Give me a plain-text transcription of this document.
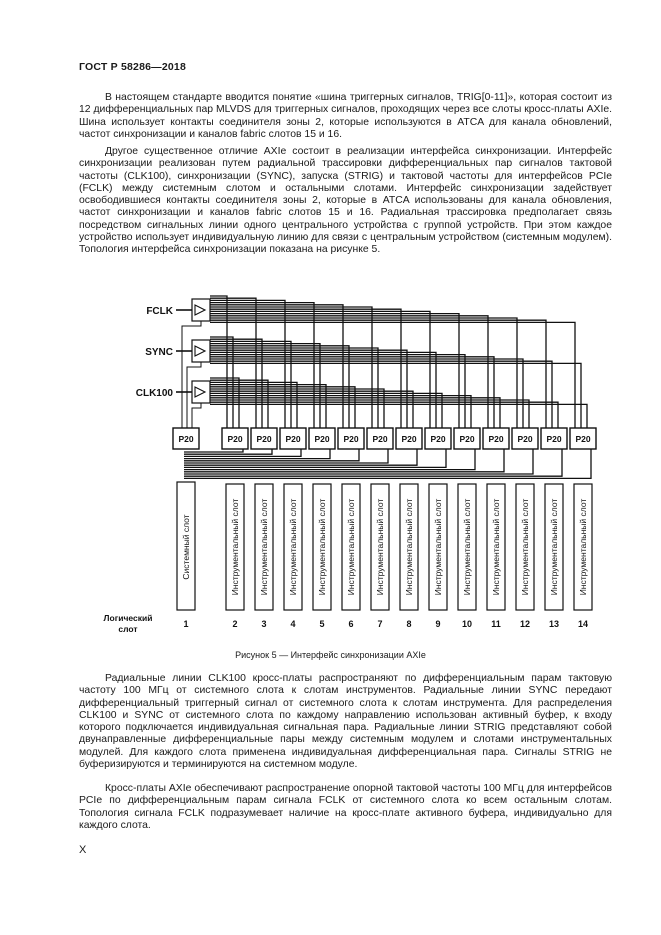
ГОСТ Р 58286—2018

В настоящем стандарте вводится понятие «шина триггерных сигналов, TRIG[0-11]», которая состоит из 12 дифференциальных пар MLVDS для триггерных сигналов, проходящих через все слоты кросс-платы AXIe. Шина использует контакты соединителя зоны 2, которые используются в ATCA для канала обновлений, частот синхронизации и каналов fabric слотов 15 и 16.

Другое существенное отличие AXIe состоит в реализации интерфейса синхронизации. Интерфейс синхронизации реализован путем радиальной трассировки дифференциальных пар сигналов тактовой частоты (CLK100), синхронизации (SYNC), запуска (STRIG) и тактовой частоты для интерфейсов PCIe (FCLK) между системным слотом и остальными слотами. Интерфейс синхронизации задействует освободившиеся контакты соединителя зоны 2, которые в ATCA использованы для канала обновления, частот синхронизации и каналов fabric слотов 15 и 16. Радиальная трассировка предполагает связь посредством сигнальных линии одного центрального устройства с группой устройств. При этом каждое устройство использует индивидуальную линию для связи с центральным устройством (системным модулем). Топология интерфейса синхронизации показана на рисунке 5.

FCLK
SYNC
CLK100
P20
Системный слот
1
P20
Инструментальный слот
2
P20
Инструментальный слот
3
P20
Инструментальный слот
4
P20
Инструментальный слот
5
P20
Инструментальный слот
6
P20
Инструментальный слот
7
P20
Инструментальный слот
8
P20
Инструментальный слот
9
P20
Инструментальный слот
10
P20
Инструментальный слот
11
P20
Инструментальный слот
12
P20
Инструментальный слот
13
P20
Инструментальный слот
14
Логический
слот
Рисунок 5 — Интерфейс синхронизации AXIe

Радиальные линии CLK100 кросс-платы распространяют по дифференциальным парам тактовую частоту 100 МГц от системного слота к слотам инструментов. Радиальные линии SYNC передают дифференциальный триггерный сигнал от системного слота к слотам инструмента. Для распределения CLK100 и SYNC от системного слота по каждому направлению использован активный буфер, к входу которого подключается индивидуальная сигнальная пара. Радиальные линии STRIG представляют собой двунаправленные дифференциальные пары между системным модулем и слотами инструментальных модулей. Для каждого слота применена индивидуальная дифференциальная пара. Сигналы STRIG не буферизируются и терминируются на системном модуле.

Кросс-платы AXIe обеспечивают распространение опорной тактовой частоты 100 МГц для интерфейсов PCIe по дифференциальным парам сигнала FCLK от системного слота ко всем остальным слотам. Топология сигнала FCLK подразумевает наличие на кросс-плате активного буфера, индивидуально для каждого слота.

X
